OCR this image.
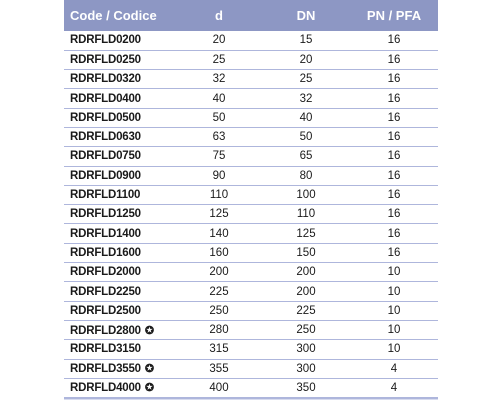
Code / Codice	d	DN	PN / PFA
RDRFLD0200	20	15	16
RDRFLD0250	25	20	16
RDRFLD0320	32	25	16
RDRFLD0400	40	32	16
RDRFLD0500	50	40	16
RDRFLD0630	63	50	16
RDRFLD0750	75	65	16
RDRFLD0900	90	80	16
RDRFLD1100	110	100	16
RDRFLD1250	125	110	16
RDRFLD1400	140	125	16
RDRFLD1600	160	150	16
RDRFLD2000	200	200	10
RDRFLD2250	225	200	10
RDRFLD2500	250	225	10
RDRFLD2800 ✪	280	250	10
RDRFLD3150	315	300	10
RDRFLD3550 ✪	355	300	4
RDRFLD4000 ✪	400	350	4
